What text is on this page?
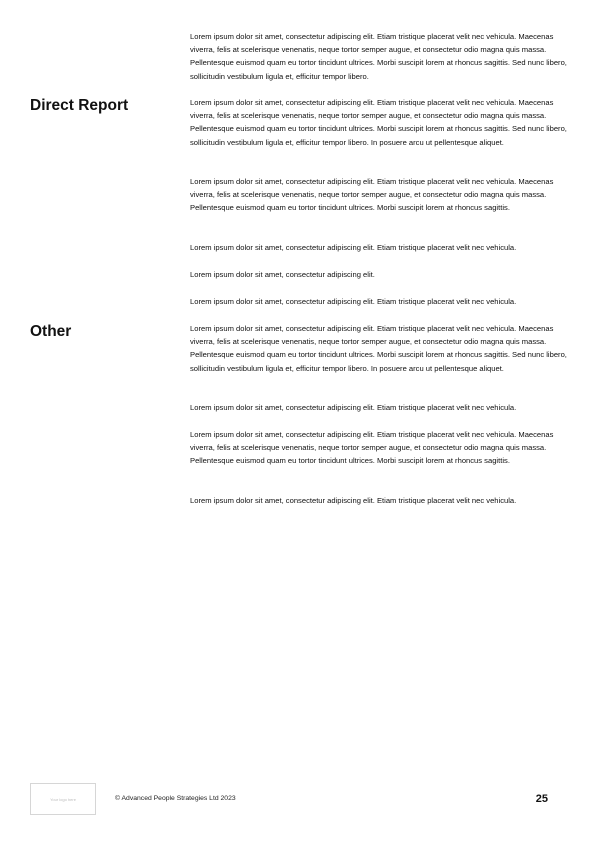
Lorem ipsum dolor sit amet, consectetur adipiscing elit. Etiam tristique placerat velit nec vehicula. Maecenas viverra, felis at scelerisque venenatis, neque tortor semper augue, et consectetur odio magna quis massa. Pellentesque euismod quam eu tortor tincidunt ultrices. Morbi suscipit lorem at rhoncus sagittis. Sed nunc libero, sollicitudin vestibulum ligula et, efficitur tempor libero.

Direct Report	Lorem ipsum dolor sit amet, consectetur adipiscing elit. Etiam tristique placerat velit nec vehicula. Maecenas viverra, felis at scelerisque venenatis, neque tortor semper augue, et consectetur odio magna quis massa. Pellentesque euismod quam eu tortor tincidunt ultrices. Morbi suscipit lorem at rhoncus sagittis. Sed nunc libero, sollicitudin vestibulum ligula et, efficitur tempor libero. In posuere arcu ut pellentesque aliquet.

Lorem ipsum dolor sit amet, consectetur adipiscing elit. Etiam tristique placerat velit nec vehicula. Maecenas viverra, felis at scelerisque venenatis, neque tortor semper augue, et consectetur odio magna quis massa. Pellentesque euismod quam eu tortor tincidunt ultrices. Morbi suscipit lorem at rhoncus sagittis.

Lorem ipsum dolor sit amet, consectetur adipiscing elit. Etiam tristique placerat velit nec vehicula.

Lorem ipsum dolor sit amet, consectetur adipiscing elit.

Lorem ipsum dolor sit amet, consectetur adipiscing elit. Etiam tristique placerat velit nec vehicula.

Other	Lorem ipsum dolor sit amet, consectetur adipiscing elit. Etiam tristique placerat velit nec vehicula. Maecenas viverra, felis at scelerisque venenatis, neque tortor semper augue, et consectetur odio magna quis massa. Pellentesque euismod quam eu tortor tincidunt ultrices. Morbi suscipit lorem at rhoncus sagittis. Sed nunc libero, sollicitudin vestibulum ligula et, efficitur tempor libero. In posuere arcu ut pellentesque aliquet.

Lorem ipsum dolor sit amet, consectetur adipiscing elit. Etiam tristique placerat velit nec vehicula.

Lorem ipsum dolor sit amet, consectetur adipiscing elit. Etiam tristique placerat velit nec vehicula. Maecenas viverra, felis at scelerisque venenatis, neque tortor semper augue, et consectetur odio magna quis massa. Pellentesque euismod quam eu tortor tincidunt ultrices. Morbi suscipit lorem at rhoncus sagittis.

Lorem ipsum dolor sit amet, consectetur adipiscing elit. Etiam tristique placerat velit nec vehicula.

Your logo here	© Advanced People Strategies Ltd 2023	25
